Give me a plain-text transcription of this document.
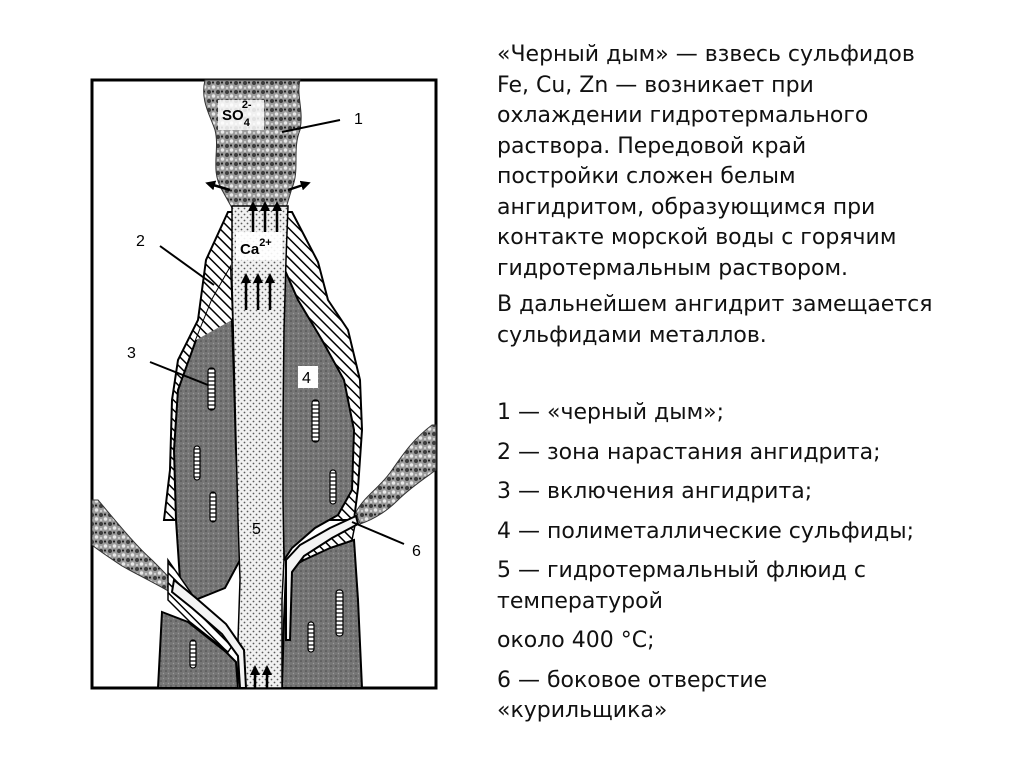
$SO_42-$
$Ca^{2+}$
1
2
3
4
5
6

«Черный дым» — взвесь сульфидов
Fe, Cu, Zn — возникает при
охлаждении гидротермального
раствора. Передовой край
постройки сложен белым
ангидритом, образующимся при
контакте морской воды с горячим
гидротермальным раствором.

В дальнейшем ангидрит замещается
сульфидами металлов.

1 — «черный дым»;

2 — зона нарастания ангидрита;

3 — включения ангидрита;

4 — полиметаллические сульфиды;

5 — гидротермальный флюид с
температурой

около 400 °С;

6 — боковое отверстие
«курильщика»
